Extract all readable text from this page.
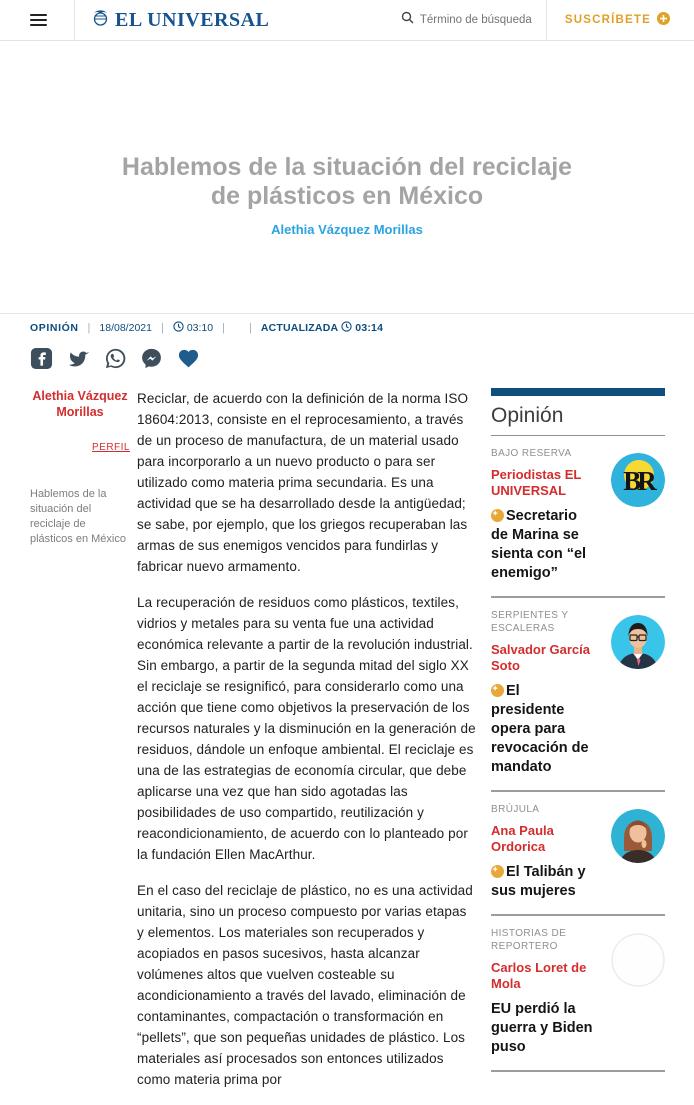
EL UNIVERSAL
Término de búsqueda	SUSCRÍBETE
Hablemos de la situación del reciclaje de plásticos en México
Alethia Vázquez Morillas
OPINIÓN | 18/08/2021 | 03:10 | | ACTUALIZADA 03:14
Alethia Vázquez Morillas
PERFIL
Hablemos de la situación del reciclaje de plásticos en México

Reciclar, de acuerdo con la definición de la norma ISO 18604:2013, consiste en el reprocesamiento, a través de un proceso de manufactura, de un material usado para incorporarlo a un nuevo producto o para ser utilizado como materia prima secundaria. Es una actividad que se ha desarrollado desde la antigüedad; se sabe, por ejemplo, que los griegos recuperaban las armas de sus enemigos vencidos para fundirlas y fabricar nuevo armamento.

La recuperación de residuos como plásticos, textiles, vidrios y metales para su venta fue una actividad económica relevante a partir de la revolución industrial. Sin embargo, a partir de la segunda mitad del siglo XX el reciclaje se resignificó, para considerarlo como una acción que tiene como objetivos la preservación de los recursos naturales y la disminución en la generación de residuos, dándole un enfoque ambiental. El reciclaje es una de las estrategias de economía circular, que debe aplicarse una vez que han sido agotadas las posibilidades de uso compartido, reutilización y reacondicionamiento, de acuerdo con lo planteado por la fundación Ellen MacArthur.

En el caso del reciclaje de plástico, no es una actividad unitaria, sino un proceso compuesto por varias etapas y elementos. Los materiales son recuperados y acopiados en pasos sucesivos, hasta alcanzar volúmenes altos que vuelven costeable su acondicionamiento a través del lavado, eliminación de contaminantes, compactación o transformación en “pellets”, que son pequeñas unidades de plástico. Los materiales así procesados son entonces utilizados como materia prima por

Opinión
BAJO RESERVA
Periodistas EL UNIVERSAL
Secretario de Marina se sienta con “el enemigo”
BR
SERPIENTES Y ESCALERAS
Salvador García Soto
El presidente opera para revocación de mandato
BRÚJULA
Ana Paula Ordorica
El Talibán y sus mujeres
HISTORIAS DE REPORTERO
Carlos Loret de Mola
EU perdió la guerra y Biden puso
